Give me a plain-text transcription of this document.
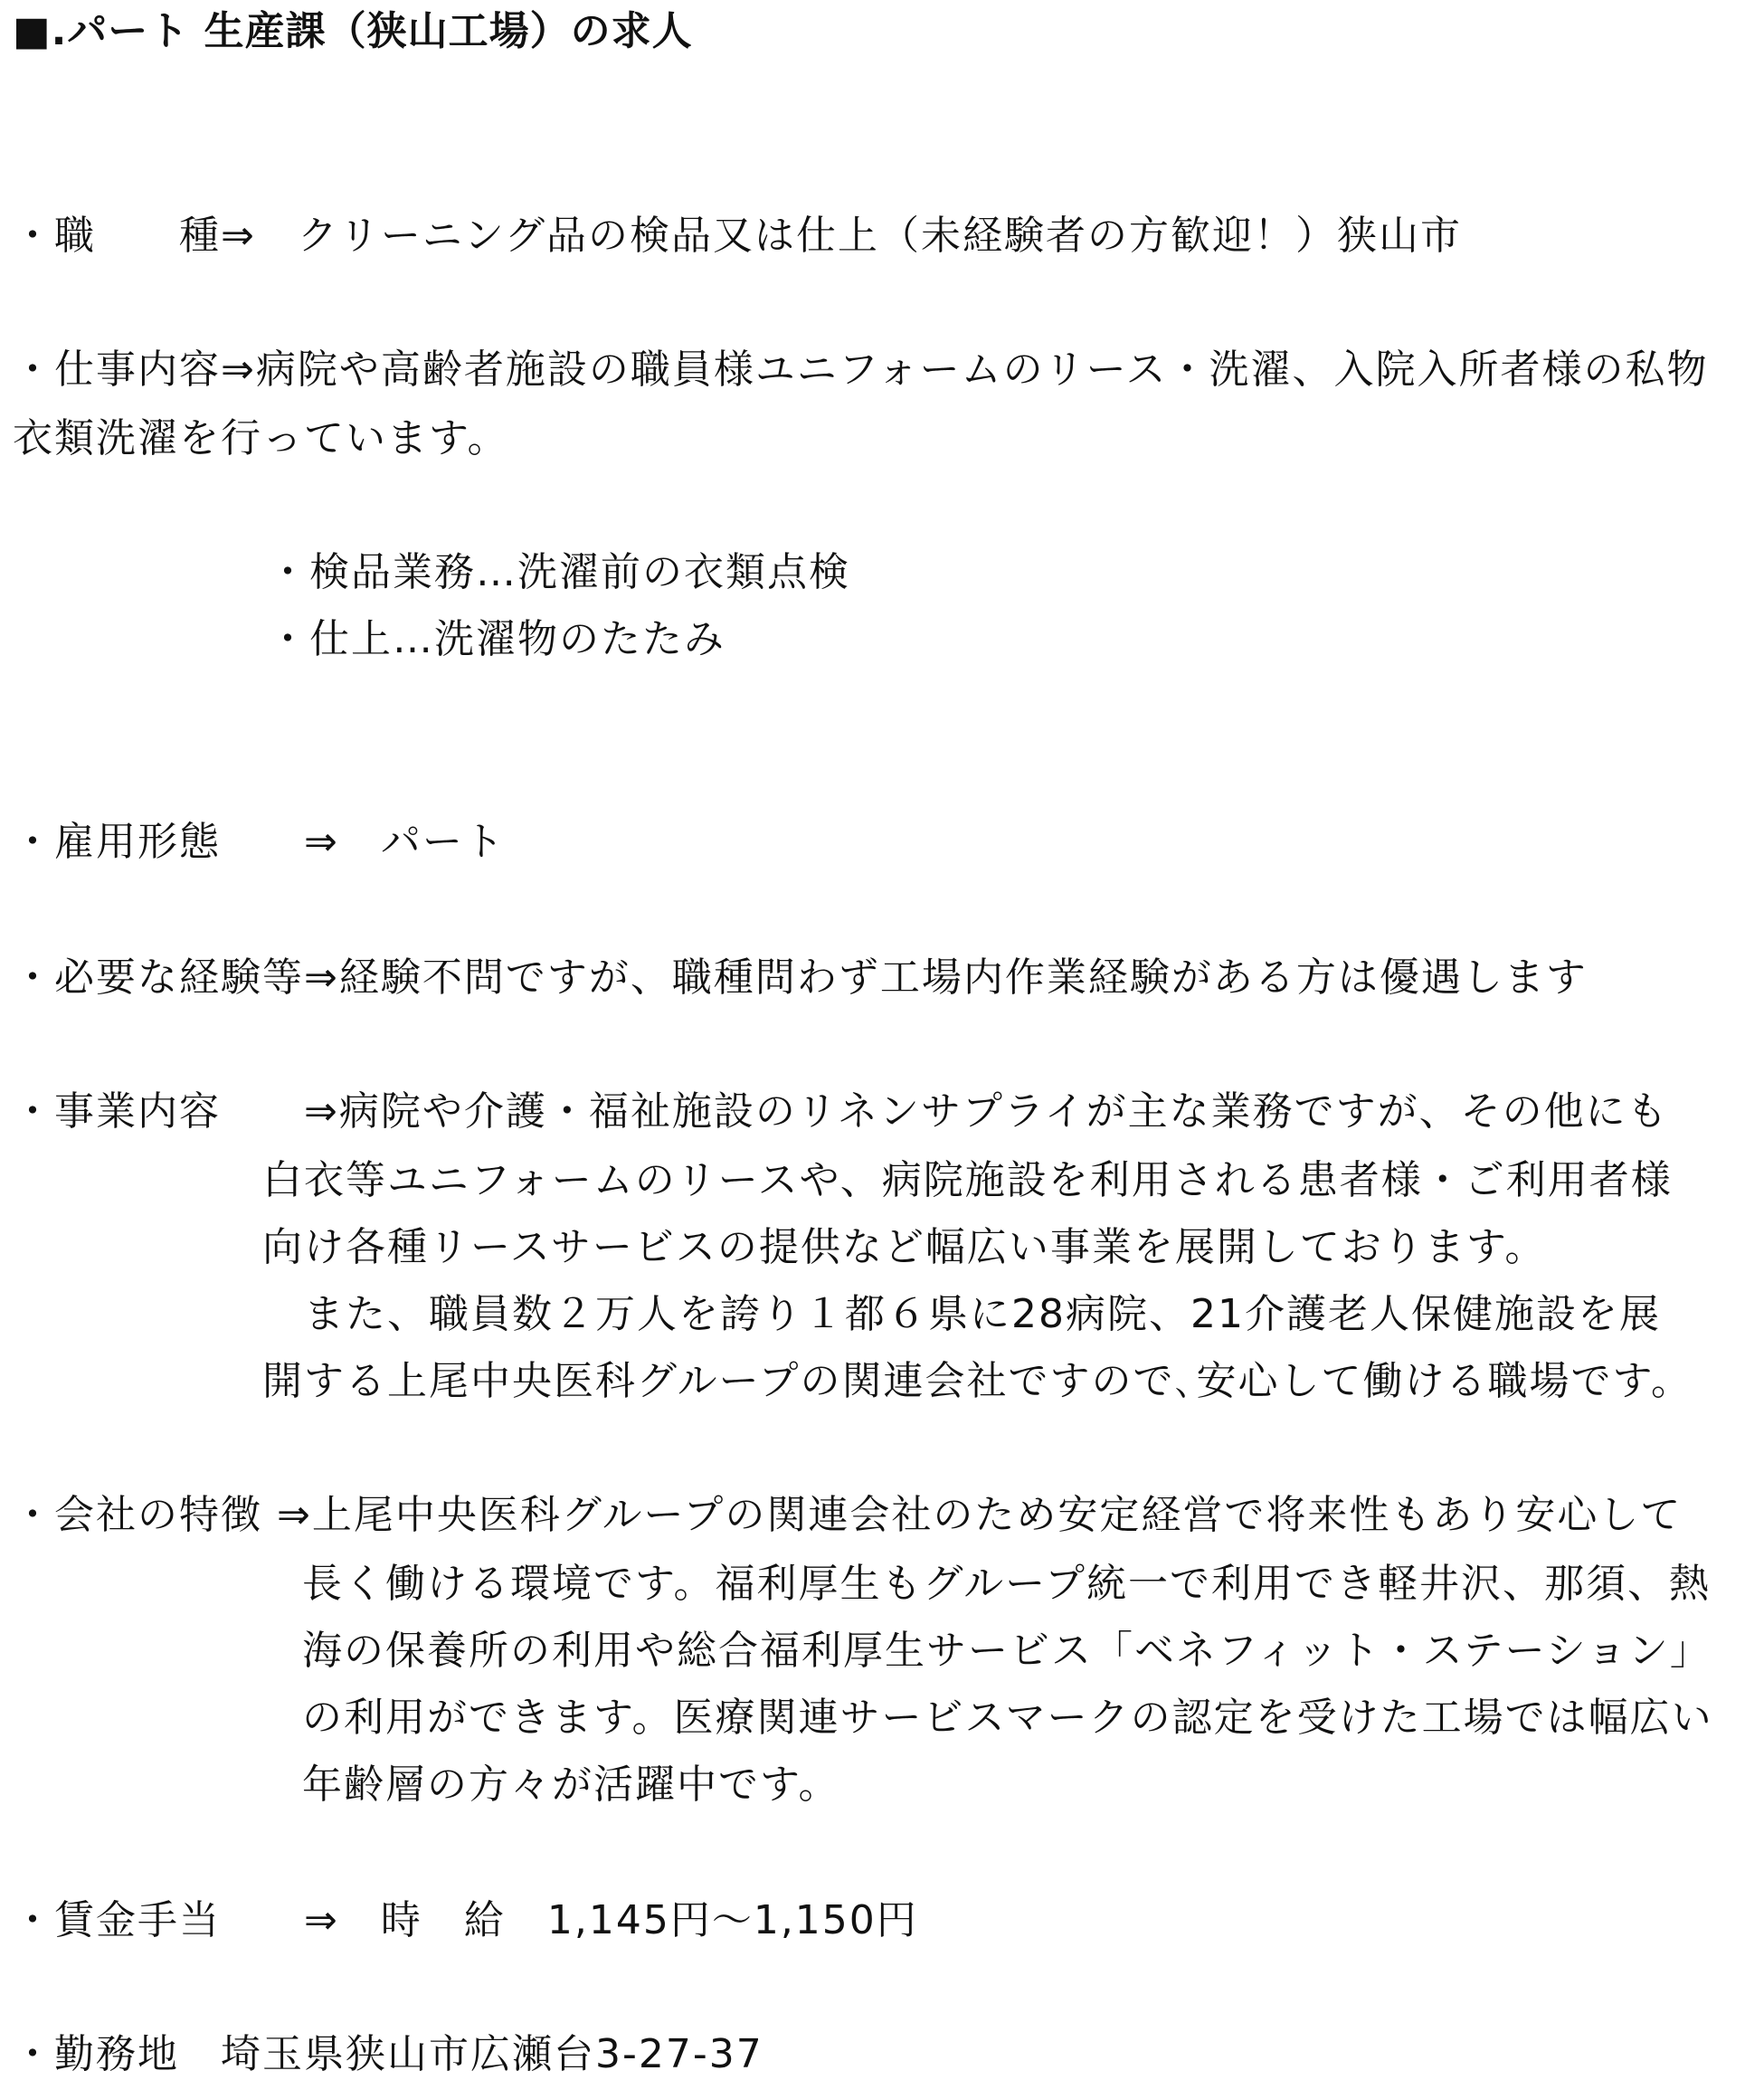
■.パート 生産課（狭山工場）の求人
・職　　種⇒　クリーニング品の検品又は仕上（未経験者の方歓迎！）狭山市
・仕事内容⇒病院や高齢者施設の職員様ユニフォームのリース・洗濯、入院入所者様の私物
衣類洗濯を行っています。
・検品業務…洗濯前の衣類点検
・仕上…洗濯物のたたみ
・雇用形態　　⇒　パート
・必要な経験等⇒経験不問ですが、職種問わず工場内作業経験がある方は優遇します
・事業内容　　⇒病院や介護・福祉施設のリネンサプライが主な業務ですが、その他にも
白衣等ユニフォームのリースや、病院施設を利用される患者様・ご利用者様
向け各種リースサービスの提供など幅広い事業を展開しております。
　また、職員数２万人を誇り１都６県に28病院、21介護老人保健施設を展
開する上尾中央医科グループの関連会社ですので､安心して働ける職場です。
・会社の特徴 ⇒上尾中央医科グループの関連会社のため安定経営で将来性もあり安心して
長く働ける環境です。福利厚生もグループ統一で利用でき軽井沢、那須、熱
海の保養所の利用や総合福利厚生サービス「ベネフィット・ステーション」
の利用ができます。医療関連サービスマークの認定を受けた工場では幅広い
年齢層の方々が活躍中です。
・賃金手当　　⇒　時　給　1,145円～1,150円
・勤務地　埼玉県狭山市広瀬台3-27-37
